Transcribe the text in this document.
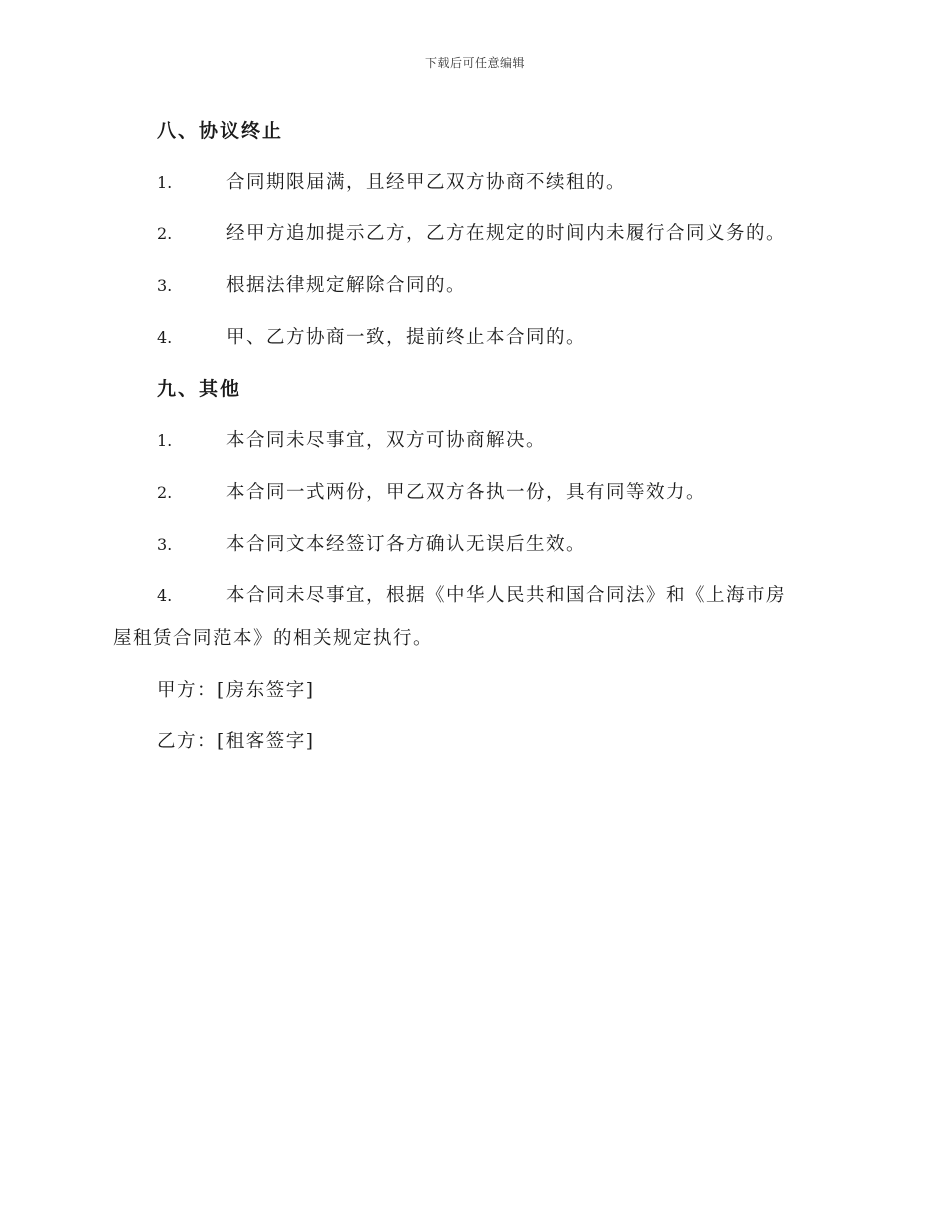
下载后可任意编辑
八、协议终止
1.	合同期限届满，且经甲乙双方协商不续租的。
2.	经甲方追加提示乙方，乙方在规定的时间内未履行合同义务的。
3.	根据法律规定解除合同的。
4.	甲、乙方协商一致，提前终止本合同的。
九、其他
1.	本合同未尽事宜，双方可协商解决。
2.	本合同一式两份，甲乙双方各执一份，具有同等效力。
3.	本合同文本经签订各方确认无误后生效。
4.	本合同未尽事宜，根据《中华人民共和国合同法》和《上海市房
屋租赁合同范本》的相关规定执行。
甲方：[房东签字]
乙方：[租客签字]
